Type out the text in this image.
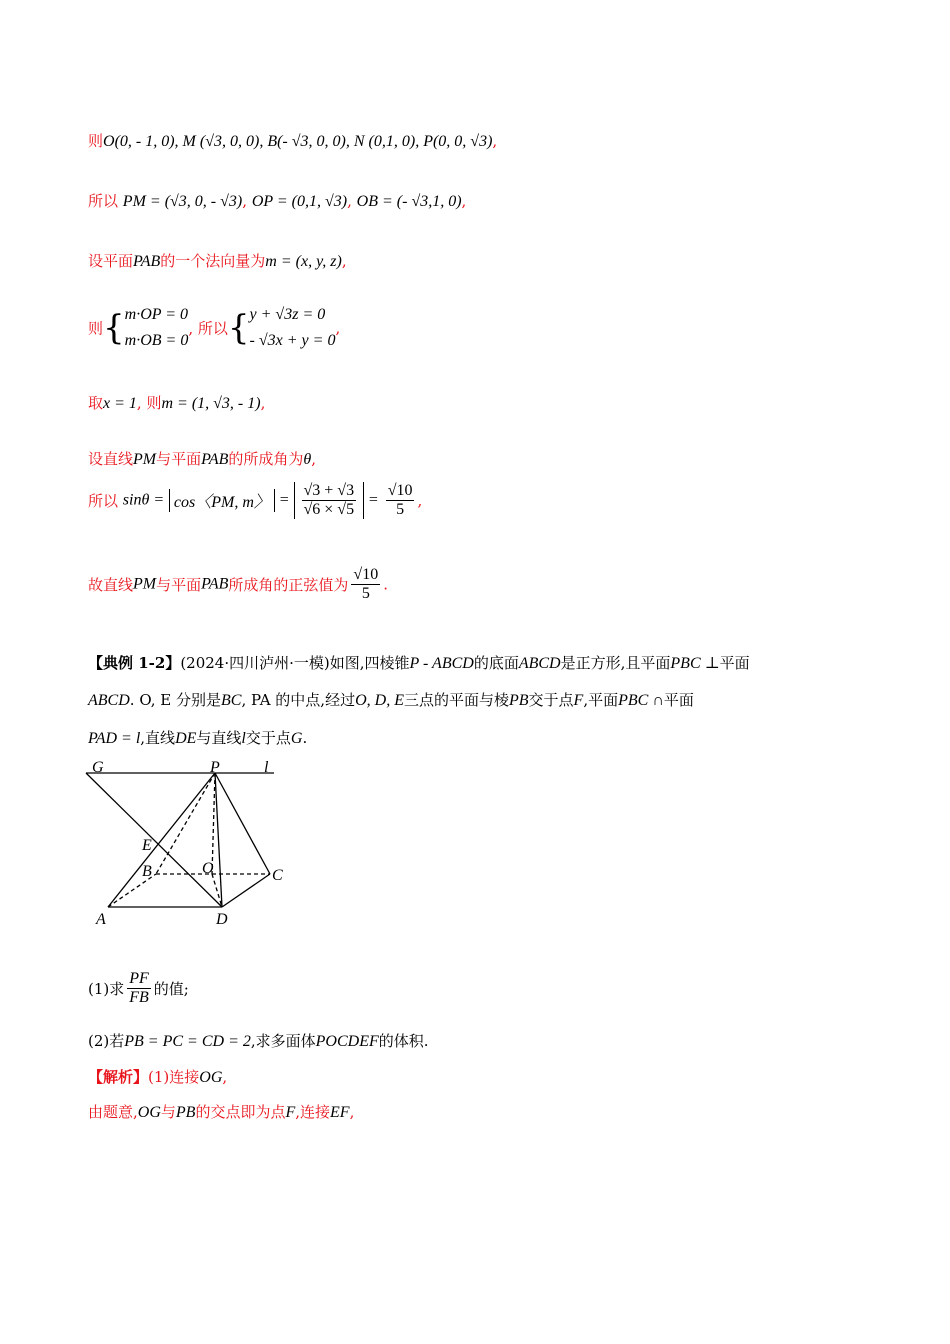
则O(0, - 1, 0), M (√3, 0, 0), B(- √3, 0, 0), N (0,1, 0), P(0, 0, √3),
所以 PM = (√3, 0, - √3), OP = (0,1, √3), OB = (- √3,1, 0),
设平面PAB的一个法向量为m = (x, y, z),
则{ m·OP = 0
m·OB = 0
, 所以{ y + √3z = 0
- √3x + y = 0
,
取x = 1, 则m = (1, √3, - 1),
设直线PM与平面PAB的所成角为θ,
所以 sinθ = cos〈PM, m〉 = $\frac{√3 + √3}{√6 \times √5} = \frac{√10}{5}$ ,
故直线PM与平面PAB所成角的正弦值为 $\frac{√10}{5}$ .
【典例 1-2】(2024·四川泸州·一模)如图,四棱锥P - ABCD的底面ABCD是正方形,且平面PBC ⊥平面
ABCD. O, E 分别是BC, PA 的中点,经过O, D, E三点的平面与棱PB交于点F,平面PBC ∩平面
PAD = l,直线DE与直线l交于点G.
G	P	l
E
B	O	C
A	D
(1)求 $\frac{PF}{FB}$ 的值;
(2)若PB = PC = CD = 2,求多面体POCDEF的体积.
【解析】(1)连接OG,
由题意,OG与PB的交点即为点F,连接EF,
